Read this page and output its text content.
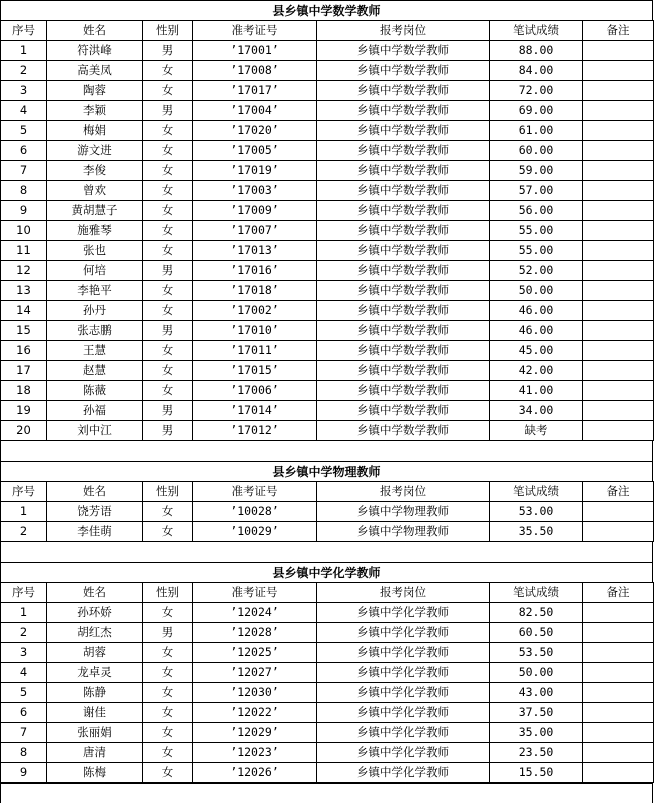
县乡镇中学数学教师
序号	姓名	性别	准考证号	报考岗位	笔试成绩	备注
1	符洪峰	男	’17001’	乡镇中学数学教师	88.00	
2	高美凤	女	’17008’	乡镇中学数学教师	84.00	
3	陶蓉	女	’17017’	乡镇中学数学教师	72.00	
4	李颖	男	’17004’	乡镇中学数学教师	69.00	
5	梅娟	女	’17020’	乡镇中学数学教师	61.00	
6	游文进	女	’17005’	乡镇中学数学教师	60.00	
7	李俊	女	’17019’	乡镇中学数学教师	59.00	
8	曾欢	女	’17003’	乡镇中学数学教师	57.00	
9	黄胡慧子	女	’17009’	乡镇中学数学教师	56.00	
10	施雅琴	女	’17007’	乡镇中学数学教师	55.00	
11	张也	女	’17013’	乡镇中学数学教师	55.00	
12	何培	男	’17016’	乡镇中学数学教师	52.00	
13	李艳平	女	’17018’	乡镇中学数学教师	50.00	
14	孙丹	女	’17002’	乡镇中学数学教师	46.00	
15	张志鹏	男	’17010’	乡镇中学数学教师	46.00	
16	王慧	女	’17011’	乡镇中学数学教师	45.00	
17	赵慧	女	’17015’	乡镇中学数学教师	42.00	
18	陈薇	女	’17006’	乡镇中学数学教师	41.00	
19	孙福	男	’17014’	乡镇中学数学教师	34.00	
20	刘中江	男	’17012’	乡镇中学数学教师	缺考	
县乡镇中学物理教师
序号	姓名	性别	准考证号	报考岗位	笔试成绩	备注
1	饶芳语	女	’10028’	乡镇中学物理教师	53.00	
2	李佳萌	女	’10029’	乡镇中学物理教师	35.50	
县乡镇中学化学教师
序号	姓名	性别	准考证号	报考岗位	笔试成绩	备注
1	孙环娇	女	’12024’	乡镇中学化学教师	82.50	
2	胡红杰	男	’12028’	乡镇中学化学教师	60.50	
3	胡蓉	女	’12025’	乡镇中学化学教师	53.50	
4	龙卓灵	女	’12027’	乡镇中学化学教师	50.00	
5	陈静	女	’12030’	乡镇中学化学教师	43.00	
6	谢佳	女	’12022’	乡镇中学化学教师	37.50	
7	张丽娟	女	’12029’	乡镇中学化学教师	35.00	
8	唐清	女	’12023’	乡镇中学化学教师	23.50	
9	陈梅	女	’12026’	乡镇中学化学教师	15.50	
